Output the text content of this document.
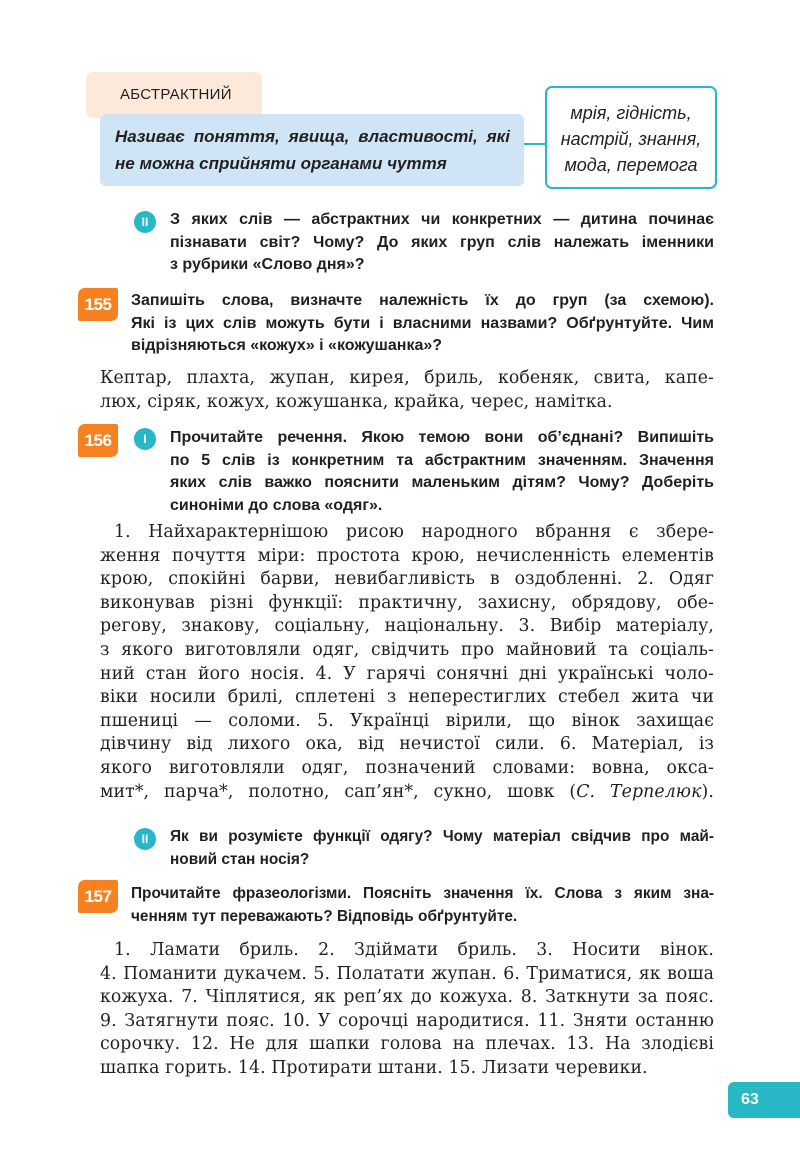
АБСТРАКТНИЙ
Називає поняття, явища, властивості, які
не можна сприйняти органами чуття
мрія, гідність,
настрій, знання,
мода, перемога
ІІ	З яких слів — абстрактних чи конкретних — дитина починає
пізнавати світ? Чому? До яких груп слів належать іменники
з рубрики «Слово дня»?
155	Запишіть слова, визначте належність їх до груп (за схемою).
Які із цих слів можуть бути і власними назвами? Обґрунтуйте. Чим
відрізняються «кожух» і «кожушанка»?
Кептар, плахта, жупан, кирея, бриль, кобеняк, свита, капе-
люх, сіряк, кожух, кожушанка, крайка, черес, намітка.
156	І	Прочитайте речення. Якою темою вони об’єднані? Випишіть
по 5 слів із конкретним та абстрактним значенням. Значення
яких слів важко пояснити маленьким дітям? Чому? Доберіть
синоніми до слова «одяг».
1. Найхарактернішою рисою народного вбрання є збере-
ження почуття міри: простота крою, нечисленність елементів
крою, спокійні барви, невибагливість в оздобленні. 2. Одяг
виконував різні функції: практичну, захисну, обрядову, обе-
регову, знакову, соціальну, національну. 3. Вибір матеріалу,
з якого виготовляли одяг, свідчить про майновий та соціаль-
ний стан його носія. 4. У гарячі сонячні дні українські чоло-
віки носили брилі, сплетені з неперестиглих стебел жита чи
пшениці — соломи. 5. Українці вірили, що вінок захищає
дівчину від лихого ока, від нечистої сили. 6. Матеріал, із
якого виготовляли одяг, позначений словами: вовна, окса-
мит*, парча*, полотно, сап’ян*, сукно, шовк (С. Терпелюк).
ІІ	Як ви розумієте функції одягу? Чому матеріал свідчив про май-
новий стан носія?
157	Прочитайте фразеологізми. Поясніть значення їх. Слова з яким зна-
ченням тут переважають? Відповідь обґрунтуйте.
1. Ламати бриль. 2. Здіймати бриль. 3. Носити вінок.
4. Поманити дукачем. 5. Полатати жупан. 6. Триматися, як воша
кожуха. 7. Чіплятися, як реп’ях до кожуха. 8. Заткнути за пояс.
9. Затягнути пояс. 10. У сорочці народитися. 11. Зняти останню
сорочку. 12. Не для шапки голова на плечах. 13. На злодієві
шапка горить. 14. Протирати штани. 15. Лизати черевики.
63
